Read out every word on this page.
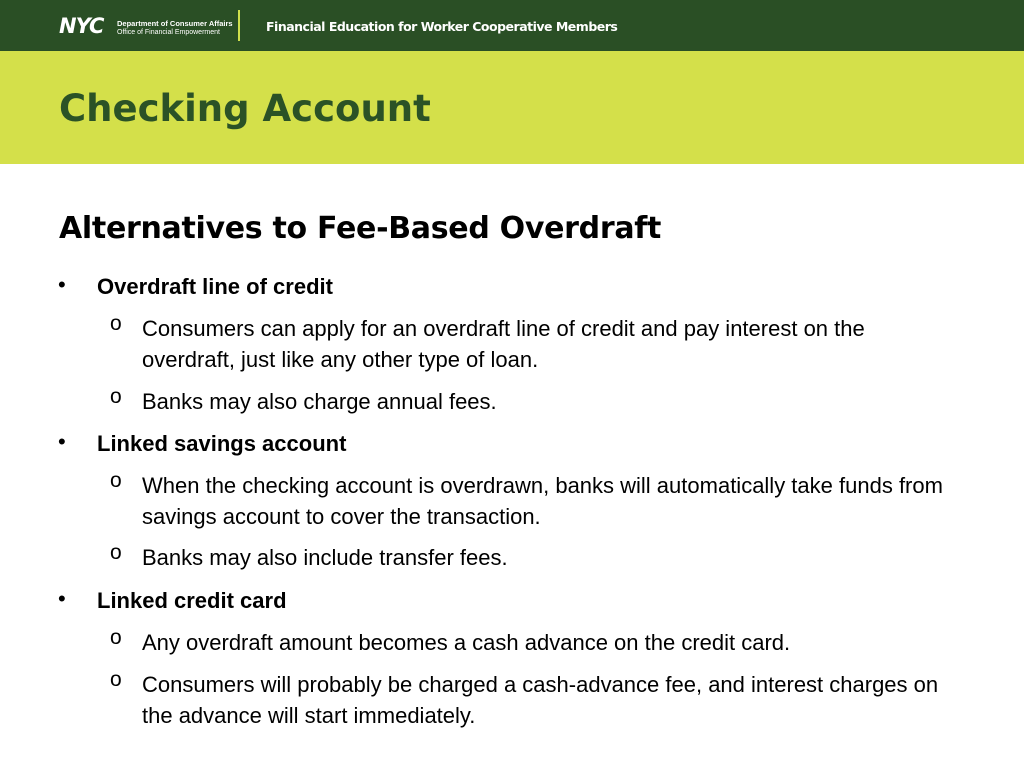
NYC Department of Consumer Affairs
Office of Financial Empowerment	Financial Education for Worker Cooperative Members
Checking Account
Alternatives to Fee-Based Overdraft
• Overdraft line of credit
o Consumers can apply for an overdraft line of credit and pay interest on the overdraft, just like any other type of loan.
o Banks may also charge annual fees.
• Linked savings account
o When the checking account is overdrawn, banks will automatically take funds from savings account to cover the transaction.
o Banks may also include transfer fees.
• Linked credit card
o Any overdraft amount becomes a cash advance on the credit card.
o Consumers will probably be charged a cash-advance fee, and interest charges on the advance will start immediately.
